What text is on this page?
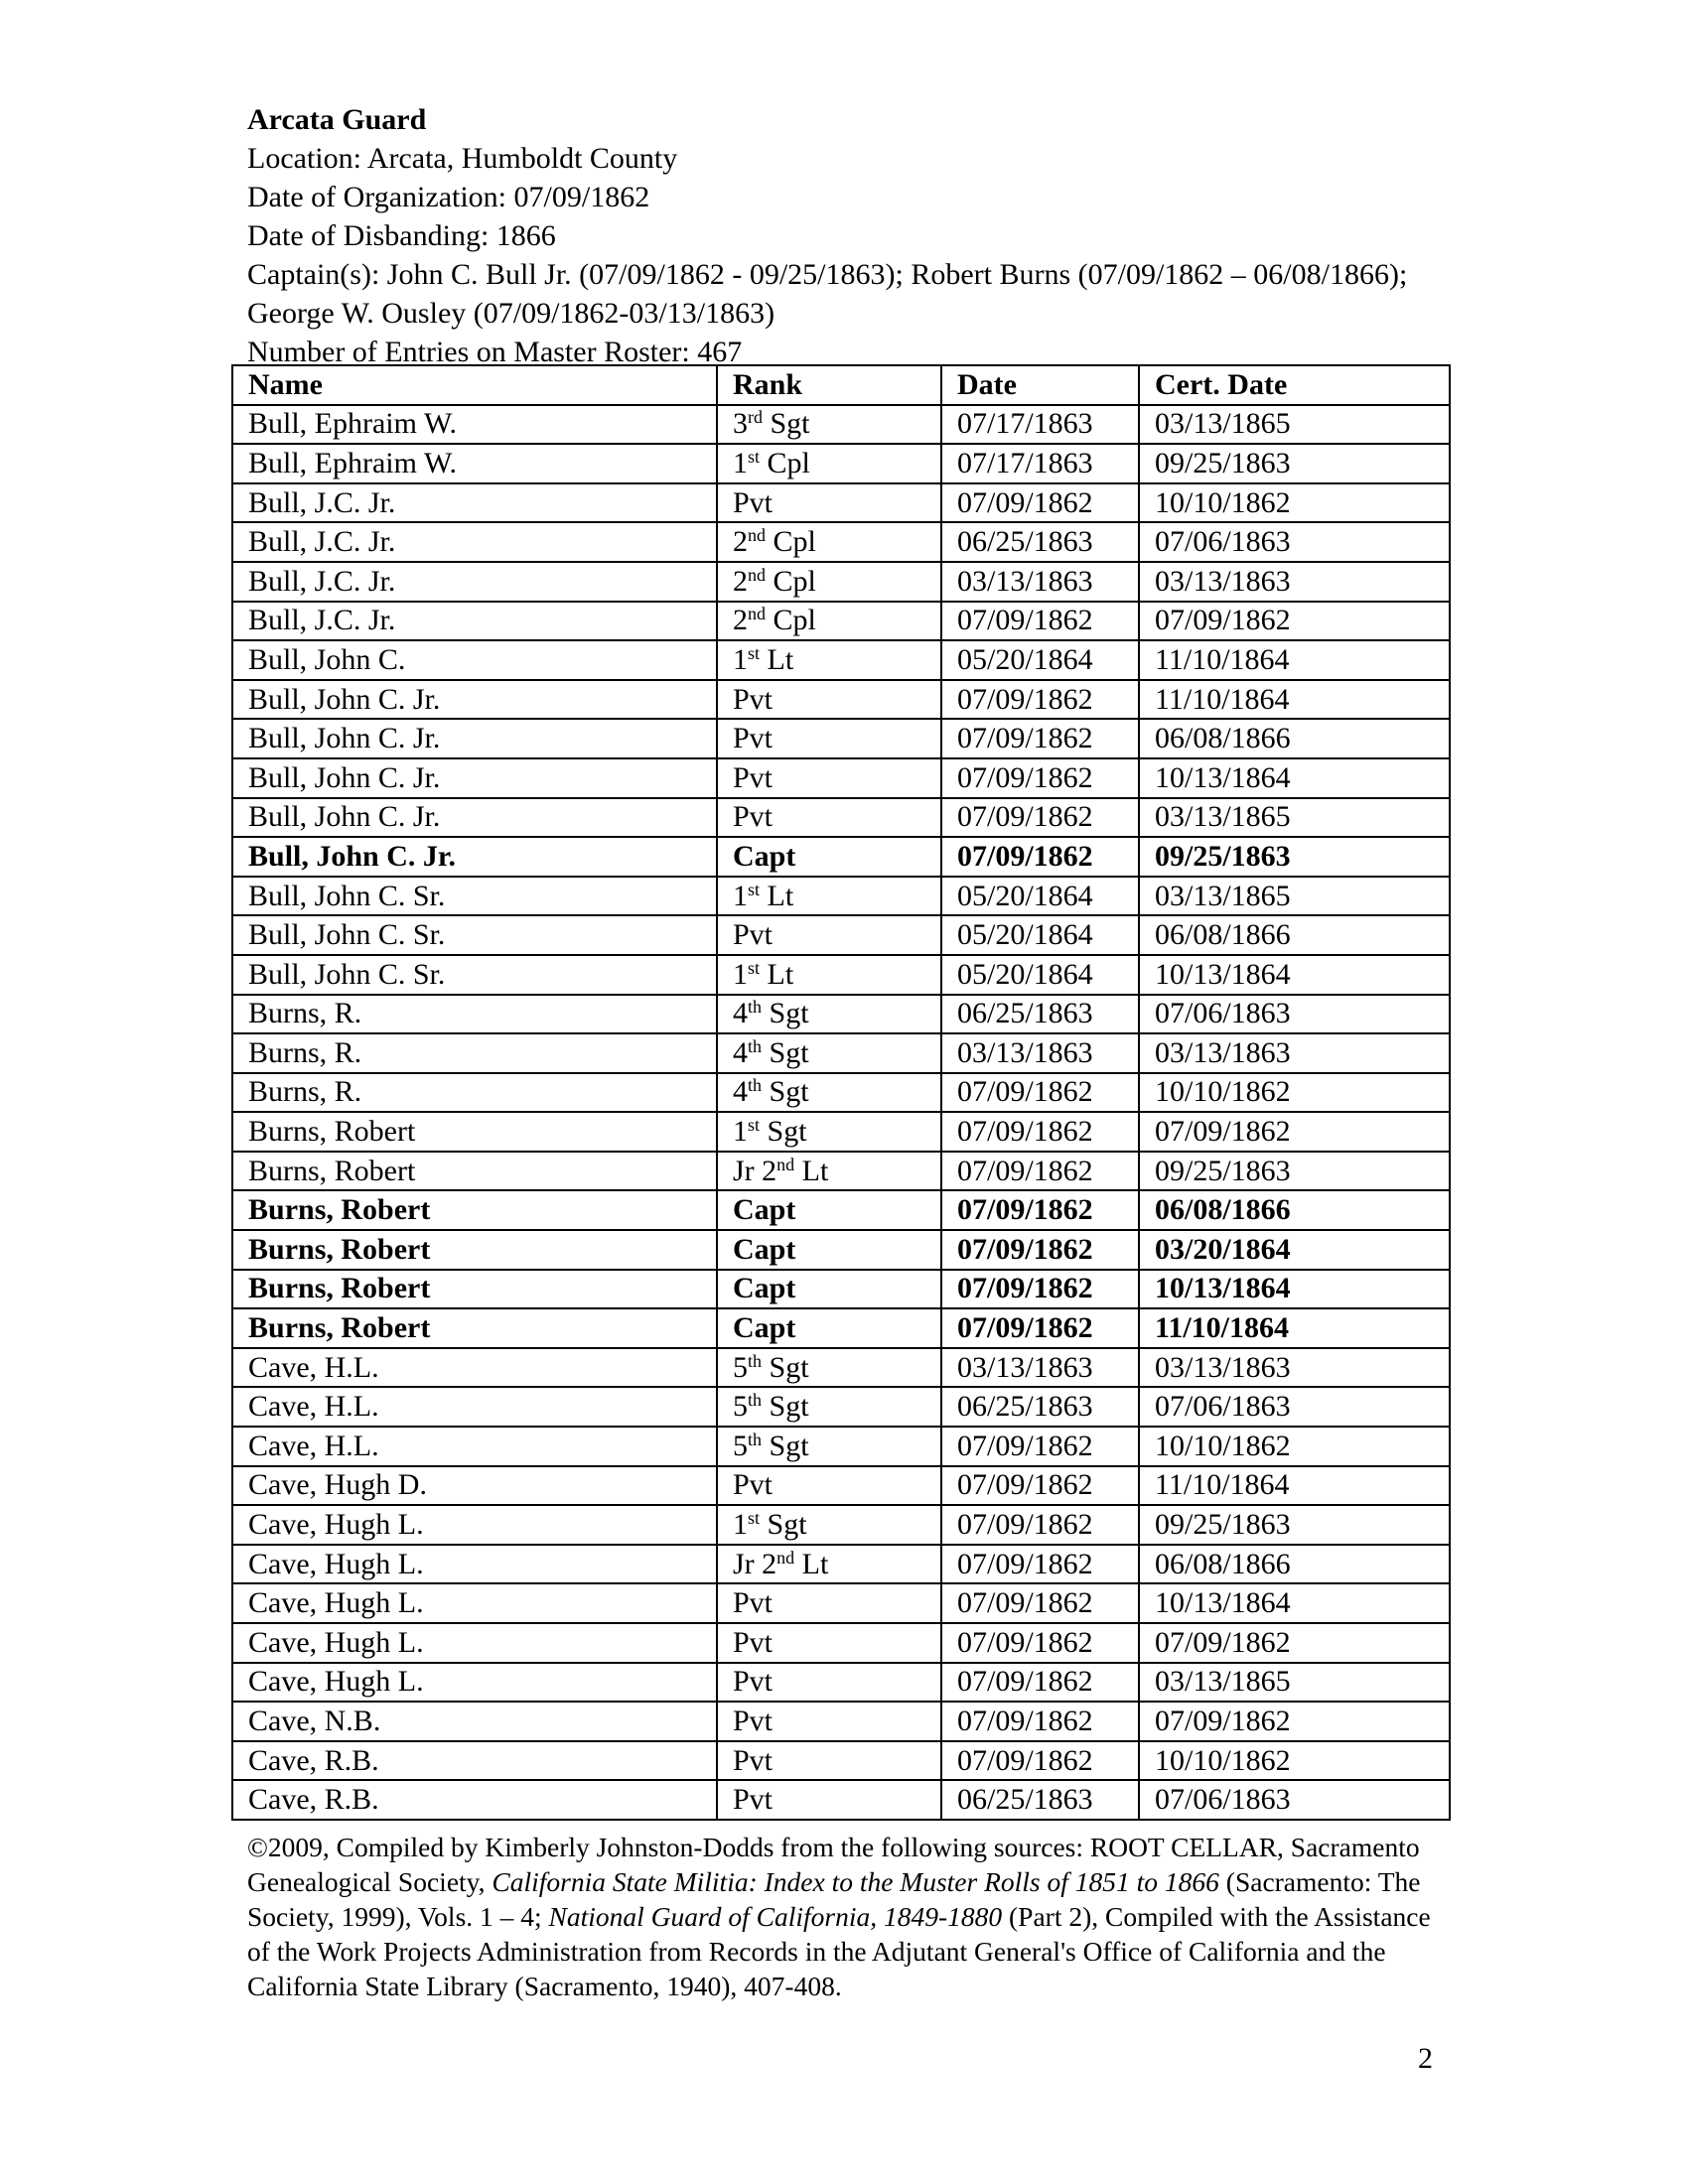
Arcata Guard
Location: Arcata, Humboldt County
Date of Organization: 07/09/1862
Date of Disbanding: 1866
Captain(s): John C. Bull Jr. (07/09/1862 - 09/25/1863); Robert Burns (07/09/1862 – 06/08/1866); George W. Ousley (07/09/1862-03/13/1863)
Number of Entries on Master Roster: 467
Name	Rank	Date	Cert. Date
Bull, Ephraim W.	3rd Sgt	07/17/1863	03/13/1865
Bull, Ephraim W.	1st Cpl	07/17/1863	09/25/1863
Bull, J.C. Jr.	Pvt	07/09/1862	10/10/1862
Bull, J.C. Jr.	2nd Cpl	06/25/1863	07/06/1863
Bull, J.C. Jr.	2nd Cpl	03/13/1863	03/13/1863
Bull, J.C. Jr.	2nd Cpl	07/09/1862	07/09/1862
Bull, John C.	1st Lt	05/20/1864	11/10/1864
Bull, John C. Jr.	Pvt	07/09/1862	11/10/1864
Bull, John C. Jr.	Pvt	07/09/1862	06/08/1866
Bull, John C. Jr.	Pvt	07/09/1862	10/13/1864
Bull, John C. Jr.	Pvt	07/09/1862	03/13/1865
Bull, John C. Jr.	Capt	07/09/1862	09/25/1863
Bull, John C. Sr.	1st Lt	05/20/1864	03/13/1865
Bull, John C. Sr.	Pvt	05/20/1864	06/08/1866
Bull, John C. Sr.	1st Lt	05/20/1864	10/13/1864
Burns, R.	4th Sgt	06/25/1863	07/06/1863
Burns, R.	4th Sgt	03/13/1863	03/13/1863
Burns, R.	4th Sgt	07/09/1862	10/10/1862
Burns, Robert	1st Sgt	07/09/1862	07/09/1862
Burns, Robert	Jr 2nd Lt	07/09/1862	09/25/1863
Burns, Robert	Capt	07/09/1862	06/08/1866
Burns, Robert	Capt	07/09/1862	03/20/1864
Burns, Robert	Capt	07/09/1862	10/13/1864
Burns, Robert	Capt	07/09/1862	11/10/1864
Cave, H.L.	5th Sgt	03/13/1863	03/13/1863
Cave, H.L.	5th Sgt	06/25/1863	07/06/1863
Cave, H.L.	5th Sgt	07/09/1862	10/10/1862
Cave, Hugh D.	Pvt	07/09/1862	11/10/1864
Cave, Hugh L.	1st Sgt	07/09/1862	09/25/1863
Cave, Hugh L.	Jr 2nd Lt	07/09/1862	06/08/1866
Cave, Hugh L.	Pvt	07/09/1862	10/13/1864
Cave, Hugh L.	Pvt	07/09/1862	07/09/1862
Cave, Hugh L.	Pvt	07/09/1862	03/13/1865
Cave, N.B.	Pvt	07/09/1862	07/09/1862
Cave, R.B.	Pvt	07/09/1862	10/10/1862
Cave, R.B.	Pvt	06/25/1863	07/06/1863
©2009, Compiled by Kimberly Johnston-Dodds from the following sources: ROOT CELLAR, Sacramento Genealogical Society, California State Militia: Index to the Muster Rolls of 1851 to 1866 (Sacramento: The Society, 1999), Vols. 1 – 4; National Guard of California, 1849-1880 (Part 2), Compiled with the Assistance of the Work Projects Administration from Records in the Adjutant General's Office of California and the California State Library (Sacramento, 1940), 407-408.
2
